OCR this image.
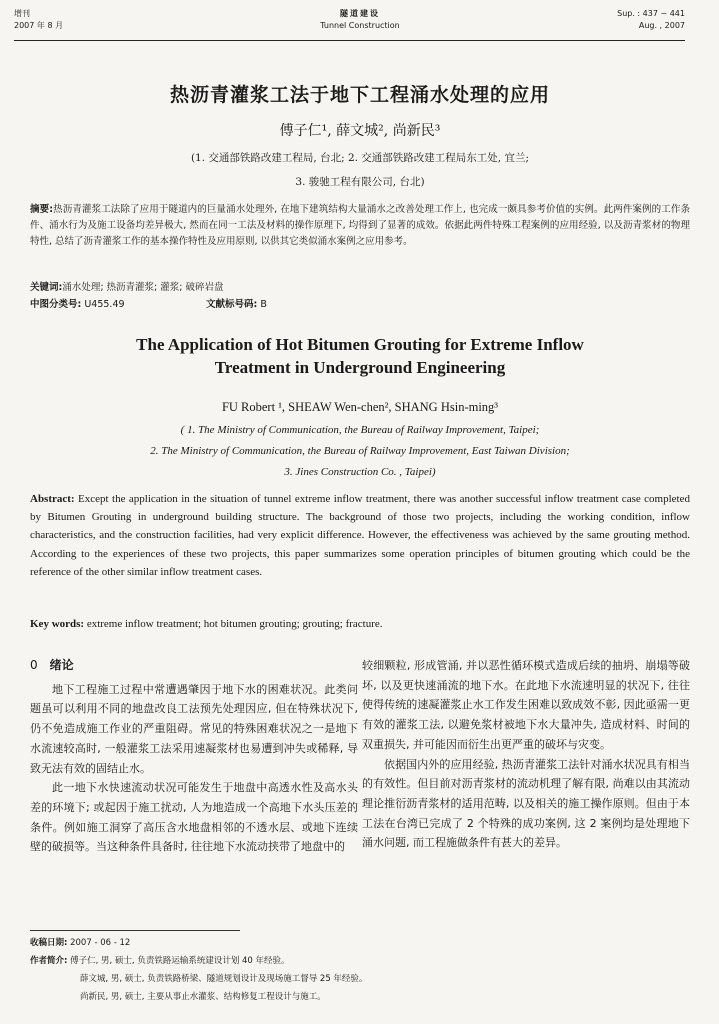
增刊
2007 年 8 月
隧道建设
Tunnel Construction
Sup. : 437 ~ 441
Aug. , 2007
热沥青灌浆工法于地下工程涌水处理的应用
傅子仁¹, 薛文城², 尚新民³
(1. 交通部铁路改建工程局, 台北; 2. 交通部铁路改建工程局东工处, 宜兰;
3. 骏驰工程有限公司, 台北)
摘要:热沥青灌浆工法除了应用于隧道内的巨量涌水处理外, 在地下建筑结构大量涌水之改善处理工作上, 也完成一颇具参考价值的实例。此两件案例的工作条件、涌水行为及施工设备均差异极大, 然而在同一工法及材料的操作原理下, 均得到了显著的成效。依据此两件特殊工程案例的应用经验, 以及沥青浆材的物理特性, 总结了沥青灌浆工作的基本操作特性及应用原则, 以供其它类似涌水案例之应用参考。
关键词:涌水处理; 热沥青灌浆; 灌浆; 破碎岩盘
中图分类号: U455.49	文献标号码: B
The Application of Hot Bitumen Grouting for Extreme Inflow
Treatment in Underground Engineering
FU Robert ¹, SHEAW Wen-chen², SHANG Hsin-ming³
( 1. The Ministry of Communication, the Bureau of Railway Improvement, Taipei;
2. The Ministry of Communication, the Bureau of Railway Improvement, East Taiwan Division;
3. Jines Construction Co. , Taipei)
Abstract: Except the application in the situation of tunnel extreme inflow treatment, there was another successful inflow treatment case completed by Bitumen Grouting in underground building structure. The background of those two projects, including the working condition, inflow characteristics, and the construction facilities, had very explicit difference. However, the effectiveness was achieved by the same grouting method. According to the experiences of these two projects, this paper summarizes some operation principles of bitumen grouting which could be the reference of the other similar inflow treatment cases.
Key words: extreme inflow treatment; hot bitumen grouting; grouting; fracture.
0 绪论

地下工程施工过程中常遭遇肇因于地下水的困难状况。此类问题虽可以利用不同的地盘改良工法预先处理因应, 但在特殊状况下, 仍不免造成施工作业的严重阻碍。常见的特殊困难状况之一是地下水流速较高时, 一般灌浆工法采用速凝浆材也易遭到冲失或稀释, 导致无法有效的固结止水。

此一地下水快速流动状况可能发生于地盘中高透水性及高水头差的环境下; 或起因于施工扰动, 人为地造成一个高地下水头压差的条件。例如施工洞穿了高压含水地盘相邻的不透水层、或地下连续壁的破损等。当这种条件具备时, 往往地下水流动挟带了地盘中的

较细颗粒, 形成管涌, 并以恶性循环模式造成后续的抽坍、崩塌等破坏, 以及更快速涌流的地下水。在此地下水流速明显的状况下, 往往使得传统的速凝灌浆止水工作发生困难以致成效不彰, 因此亟需一更有效的灌浆工法, 以避免浆材被地下水大量冲失, 造成材料、时间的双重损失, 并可能因而衍生出更严重的破坏与灾变。

依据国内外的应用经验, 热沥青灌浆工法针对涌水状况具有相当的有效性。但目前对沥青浆材的流动机理了解有限, 尚难以由其流动理论推衍沥青浆材的适用范畴, 以及相关的施工操作原则。但由于本工法在台湾已完成了 2 个特殊的成功案例, 这 2 案例均是处理地下涌水问题, 而工程施做条件有甚大的差异。

收稿日期: 2007 - 06 - 12
作者简介: 傅子仁, 男, 硕士, 负责铁路运输系统建设计划 40 年经验。
薛文城, 男, 硕士, 负责铁路桥梁、隧道规划设计及现场施工督导 25 年经验。
尚新民, 男, 硕士, 主要从事止水灌浆、结构修复工程设计与施工。
